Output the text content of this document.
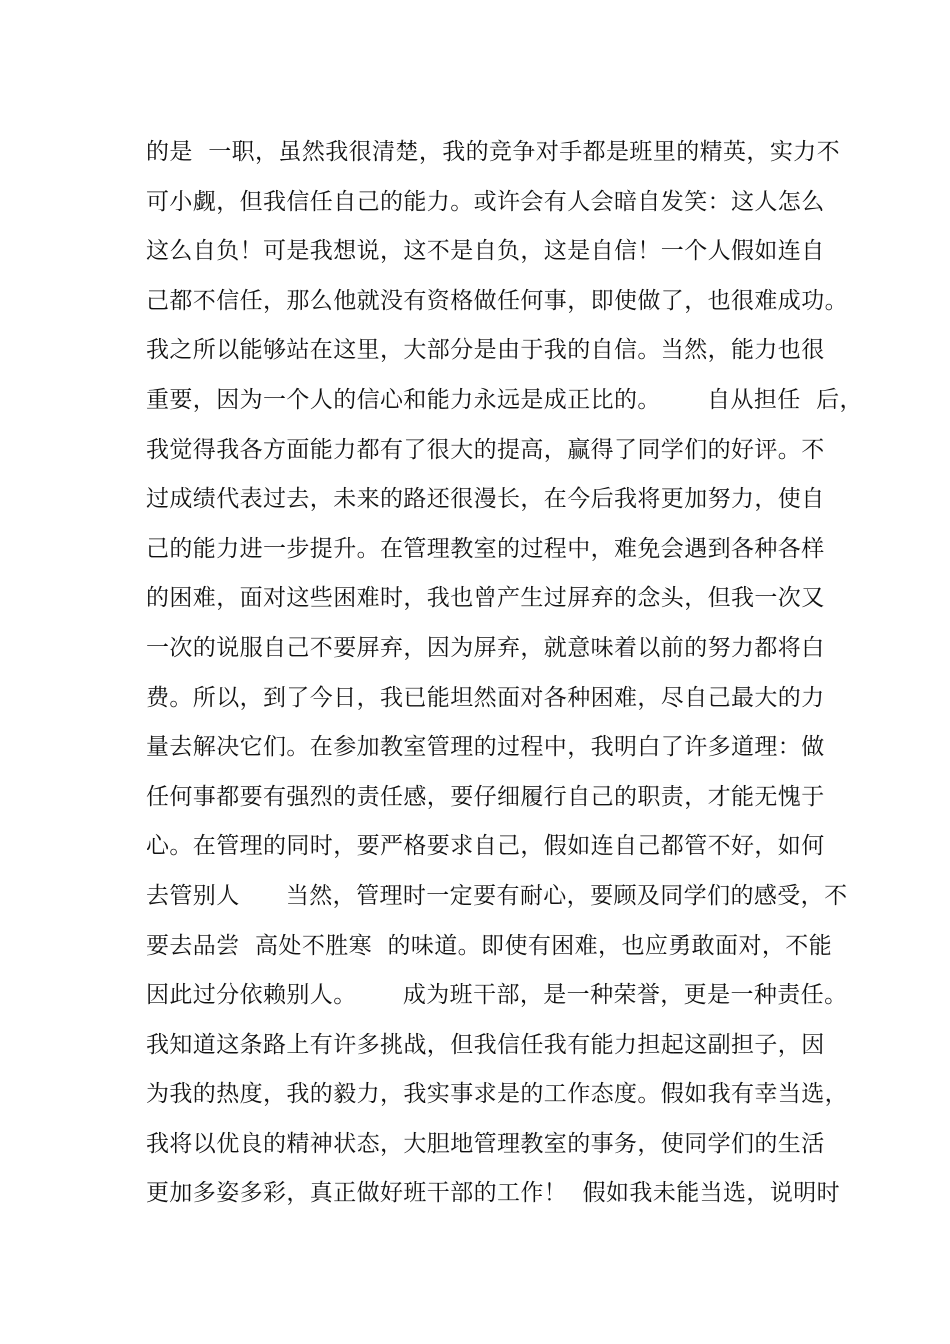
的是  一职，虽然我很清楚，我的竞争对手都是班里的精英，实力不
可小觑，但我信任自己的能力。或许会有人会暗自发笑：这人怎么
这么自负！可是我想说，这不是自负，这是自信！一个人假如连自
己都不信任，那么他就没有资格做任何事，即使做了，也很难成功。
我之所以能够站在这里，大部分是由于我的自信。当然，能力也很
重要，因为一个人的信心和能力永远是成正比的。      自从担任  后，
我觉得我各方面能力都有了很大的提高，赢得了同学们的好评。不
过成绩代表过去，未来的路还很漫长，在今后我将更加努力，使自
己的能力进一步提升。在管理教室的过程中，难免会遇到各种各样
的困难，面对这些困难时，我也曾产生过屏弃的念头，但我一次又
一次的说服自己不要屏弃，因为屏弃，就意味着以前的努力都将白
费。所以，到了今日，我已能坦然面对各种困难，尽自己最大的力
量去解决它们。在参加教室管理的过程中，我明白了许多道理：做
任何事都要有强烈的责任感，要仔细履行自己的职责，才能无愧于
心。在管理的同时，要严格要求自己，假如连自己都管不好，如何
去管别人      当然，管理时一定要有耐心，要顾及同学们的感受，不
要去品尝  高处不胜寒  的味道。即使有困难，也应勇敢面对，不能
因此过分依赖别人。      成为班干部，是一种荣誉，更是一种责任。
我知道这条路上有许多挑战，但我信任我有能力担起这副担子，因
为我的热度，我的毅力，我实事求是的工作态度。假如我有幸当选，
我将以优良的精神状态，大胆地管理教室的事务，使同学们的生活
更加多姿多彩，真正做好班干部的工作！  假如我未能当选，说明时
